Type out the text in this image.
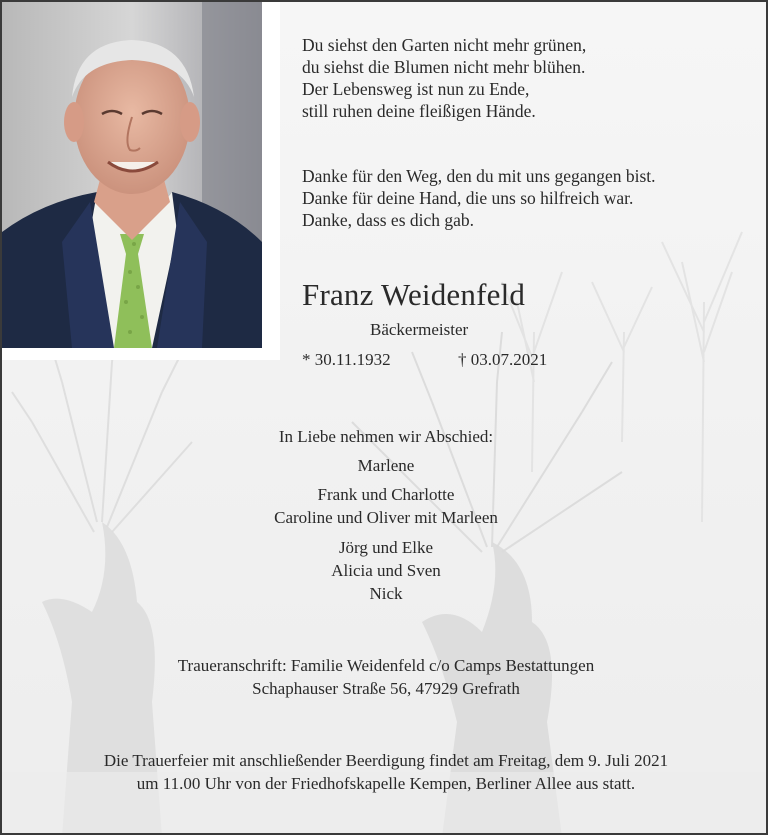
Du siehst den Garten nicht mehr grünen,
du siehst die Blumen nicht mehr blühen.
Der Lebensweg ist nun zu Ende,
still ruhen deine fleißigen Hände.
Danke für den Weg, den du mit uns gegangen bist.
Danke für deine Hand, die uns so hilfreich war.
Danke, dass es dich gab.
Franz Weidenfeld
Bäckermeister
* 30.11.1932	† 03.07.2021
In Liebe nehmen wir Abschied:
Marlene
Frank und Charlotte
Caroline und Oliver mit Marleen
Jörg und Elke
Alicia und Sven
Nick
Traueranschrift: Familie Weidenfeld c/o Camps Bestattungen
Schaphauser Straße 56, 47929 Grefrath
Die Trauerfeier mit anschließender Beerdigung findet am Freitag, dem 9. Juli 2021
um 11.00 Uhr von der Friedhofskapelle Kempen, Berliner Allee aus statt.
